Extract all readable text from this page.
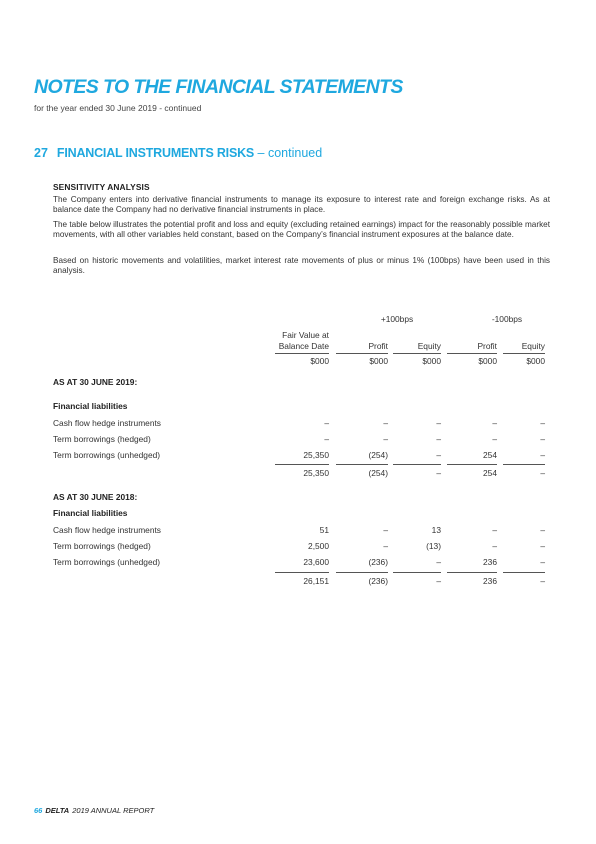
NOTES TO THE FINANCIAL STATEMENTS
for the year ended 30 June 2019 - continued
27 FINANCIAL INSTRUMENTS RISKS – continued
SENSITIVITY ANALYSIS

The Company enters into derivative financial instruments to manage its exposure to interest rate and foreign exchange risks. As at balance date the Company had no derivative financial instruments in place.

The table below illustrates the potential profit and loss and equity (excluding retained earnings) impact for the reasonably possible market movements, with all other variables held constant, based on the Company’s financial instrument exposures at the balance date.

Based on historic movements and volatilities, market interest rate movements of plus or minus 1% (100bps) have been used in this analysis.

+100bps	-100bps
Fair Value at
Balance Date	Profit	Equity	Profit	Equity
$000	$000	$000	$000	$000
AS AT 30 JUNE 2019:
Financial liabilities
Cash flow hedge instruments	–	–	–	–	–
Term borrowings (hedged)	–	–	–	–	–
Term borrowings (unhedged)	25,350	(254)	–	254	–
25,350	(254)	–	254	–
AS AT 30 JUNE 2018:
Financial liabilities
Cash flow hedge instruments	51	–	13	–	–
Term borrowings (hedged)	2,500	–	(13)	–	–
Term borrowings (unhedged)	23,600	(236)	–	236	–
26,151	(236)	–	236	–
66 DELTA 2019 ANNUAL REPORT
